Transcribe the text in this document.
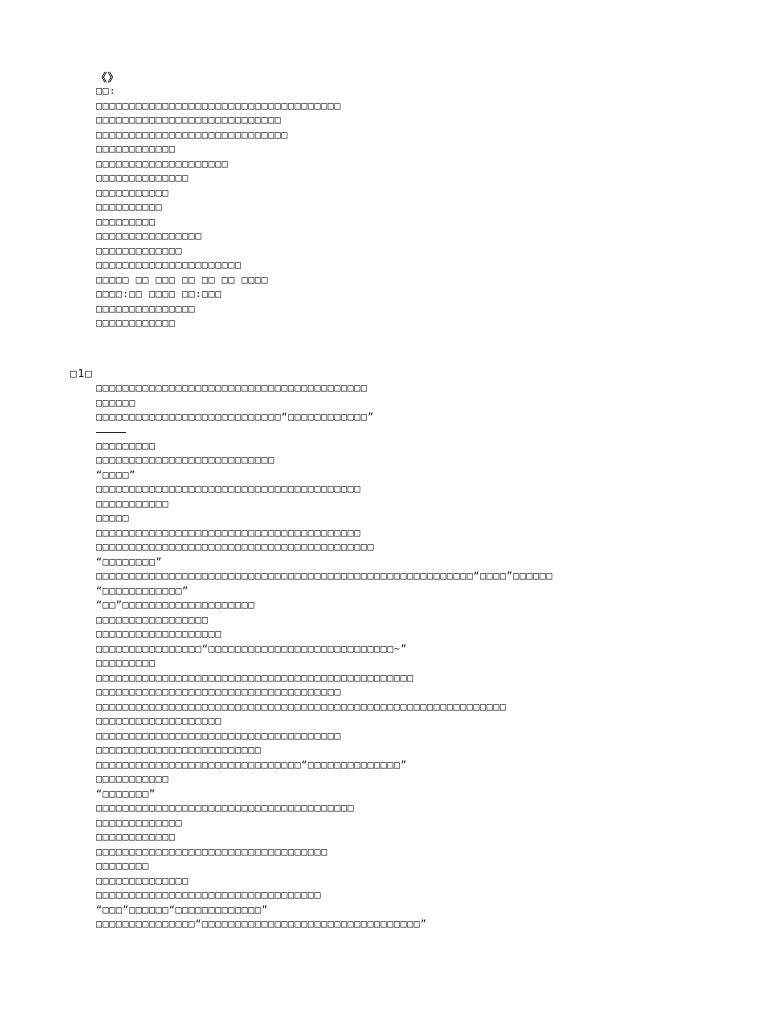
《》
□□:
□□□□□□□□□□□□□□□□□□□□□□□□□□□□□□□□□□□□□
□□□□□□□□□□□□□□□□□□□□□□□□□□□□
□□□□□□□□□□□□□□□□□□□□□□□□□□□□□
□□□□□□□□□□□□
□□□□□□□□□□□□□□□□□□□□
□□□□□□□□□□□□□□
□□□□□□□□□□□
□□□□□□□□□□
□□□□□□□□□
□□□□□□□□□□□□□□□□
□□□□□□□□□□□□□
□□□□□□□□□□□□□□□□□□□□□□
□□□□□ □□ □□□ □□ □□ □□ □□□□
□□□□:□□ □□□□ □□:□□□
□□□□□□□□□□□□□□□
□□□□□□□□□□□□
□1□
□□□□□□□□□□□□□□□□□□□□□□□□□□□□□□□□□□□□□□□□□
□□□□□□
□□□□□□□□□□□□□□□□□□□□□□□□□□□□“□□□□□□□□□□□□”
□□□□□□□□□
□□□□□□□□□□□□□□□□□□□□□□□□□□□
“□□□□”
□□□□□□□□□□□□□□□□□□□□□□□□□□□□□□□□□□□□□□□□
□□□□□□□□□□□
□□□□□
□□□□□□□□□□□□□□□□□□□□□□□□□□□□□□□□□□□□□□□□
□□□□□□□□□□□□□□□□□□□□□□□□□□□□□□□□□□□□□□□□□□
“□□□□□□□□”
□□□□□□□□□□□□□□□□□□□□□□□□□□□□□□□□□□□□□□□□□□□□□□□□□□□□□□□□□“□□□□”□□□□□□
“□□□□□□□□□□□□”
“□□”□□□□□□□□□□□□□□□□□□□□
□□□□□□□□□□□□□□□□□
□□□□□□□□□□□□□□□□□□□
□□□□□□□□□□□□□□□□“□□□□□□□□□□□□□□□□□□□□□□□□□□□□~”
□□□□□□□□□
□□□□□□□□□□□□□□□□□□□□□□□□□□□□□□□□□□□□□□□□□□□□□□□□
□□□□□□□□□□□□□□□□□□□□□□□□□□□□□□□□□□□□□
□□□□□□□□□□□□□□□□□□□□□□□□□□□□□□□□□□□□□□□□□□□□□□□□□□□□□□□□□□□□□□
□□□□□□□□□□□□□□□□□□□
□□□□□□□□□□□□□□□□□□□□□□□□□□□□□□□□□□□□□
□□□□□□□□□□□□□□□□□□□□□□□□□
□□□□□□□□□□□□□□□□□□□□□□□□□□□□□□□“□□□□□□□□□□□□□□”
□□□□□□□□□□□
“□□□□□□□”
□□□□□□□□□□□□□□□□□□□□□□□□□□□□□□□□□□□□□□□
□□□□□□□□□□□□□
□□□□□□□□□□□□
□□□□□□□□□□□□□□□□□□□□□□□□□□□□□□□□□□□
□□□□□□□□
□□□□□□□□□□□□□□
□□□□□□□□□□□□□□□□□□□□□□□□□□□□□□□□□□
“□□□”□□□□□□“□□□□□□□□□□□□□”
□□□□□□□□□□□□□□□“□□□□□□□□□□□□□□□□□□□□□□□□□□□□□□□□□”
